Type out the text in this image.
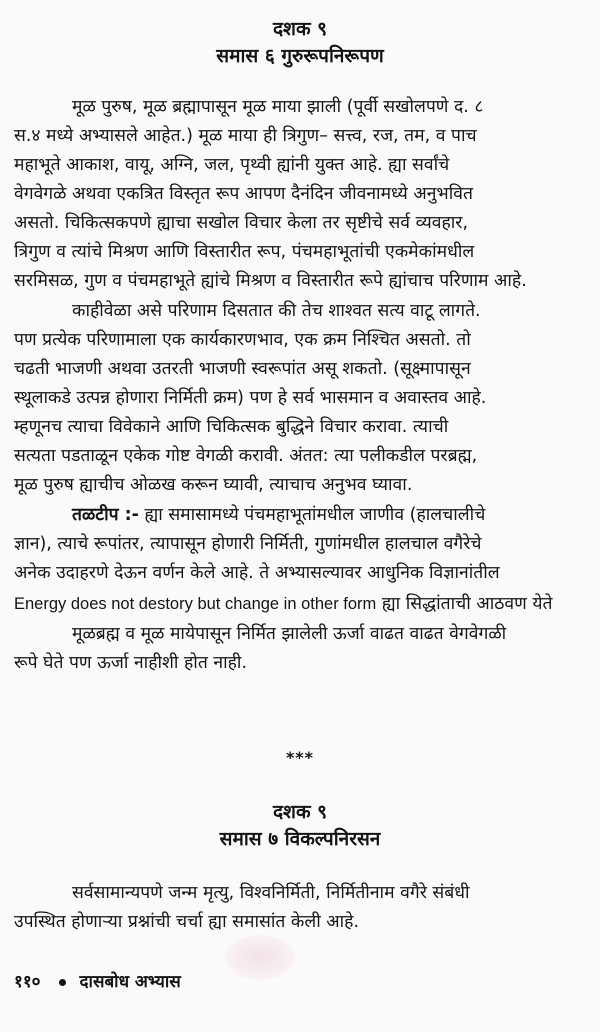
दशक ९
समास ६ गुरुरूपनिरूपण
मूळ पुरुष, मूळ ब्रह्मापासून मूळ माया झाली (पूर्वी सखोलपणे द. ८
स.४ मध्ये अभ्यासले आहेत.) मूळ माया ही त्रिगुण– सत्त्व, रज, तम, व पाच
महाभूते आकाश, वायू, अग्नि, जल, पृथ्वी ह्यांनी युक्त आहे. ह्या सर्वांचे
वेगवेगळे अथवा एकत्रित विस्तृत रूप आपण दैनंदिन जीवनामध्ये अनुभवित
असतो. चिकित्सकपणे ह्याचा सखोल विचार केला तर सृष्टीचे सर्व व्यवहार,
त्रिगुण व त्यांचे मिश्रण आणि विस्तारीत रूप, पंचमहाभूतांची एकमेकांमधील
सरमिसळ, गुण व पंचमहाभूते ह्यांचे मिश्रण व विस्तारीत रूपे ह्यांचाच परिणाम आहे.
काहीवेळा असे परिणाम दिसतात की तेच शाश्वत सत्य वाटू लागते.
पण प्रत्येक परिणामाला एक कार्यकारणभाव, एक क्रम निश्चित असतो. तो
चढती भाजणी अथवा उतरती भाजणी स्वरूपांत असू शकतो. (सूक्ष्मापासून
स्थूलाकडे उत्पन्न होणारा निर्मिती क्रम) पण हे सर्व भासमान व अवास्तव आहे.
म्हणूनच त्याचा विवेकाने आणि चिकित्सक बुद्धिने विचार करावा. त्याची
सत्यता पडताळून एकेक गोष्ट वेगळी करावी. अंतत: त्या पलीकडील परब्रह्म,
मूळ पुरुष ह्याचीच ओळख करून घ्यावी, त्याचाच अनुभव घ्यावा.
तळटीप :- ह्या समासामध्ये पंचमहाभूतांमधील जाणीव (हालचालीचे
ज्ञान), त्याचे रूपांतर, त्यापासून होणारी निर्मिती, गुणांमधील हालचाल वगैरेचे
अनेक उदाहरणे देऊन वर्णन केले आहे. ते अभ्यासल्यावर आधुनिक विज्ञानांतील
Energy does not destory but change in other form ह्या सिद्धांताची आठवण येते
मूळब्रह्म व मूळ मायेपासून निर्मित झालेली ऊर्जा वाढत वाढत वेगवेगळी
रूपे घेते पण ऊर्जा नाहीशी होत नाही.
***
दशक ९
समास ७ विकल्पनिरसन
सर्वसामान्यपणे जन्म मृत्यु, विश्वनिर्मिती, निर्मितीनाम वगैरे संबंधी
उपस्थित होणाऱ्या प्रश्नांची चर्चा ह्या समासांत केली आहे.
११० दासबोध अभ्यास
